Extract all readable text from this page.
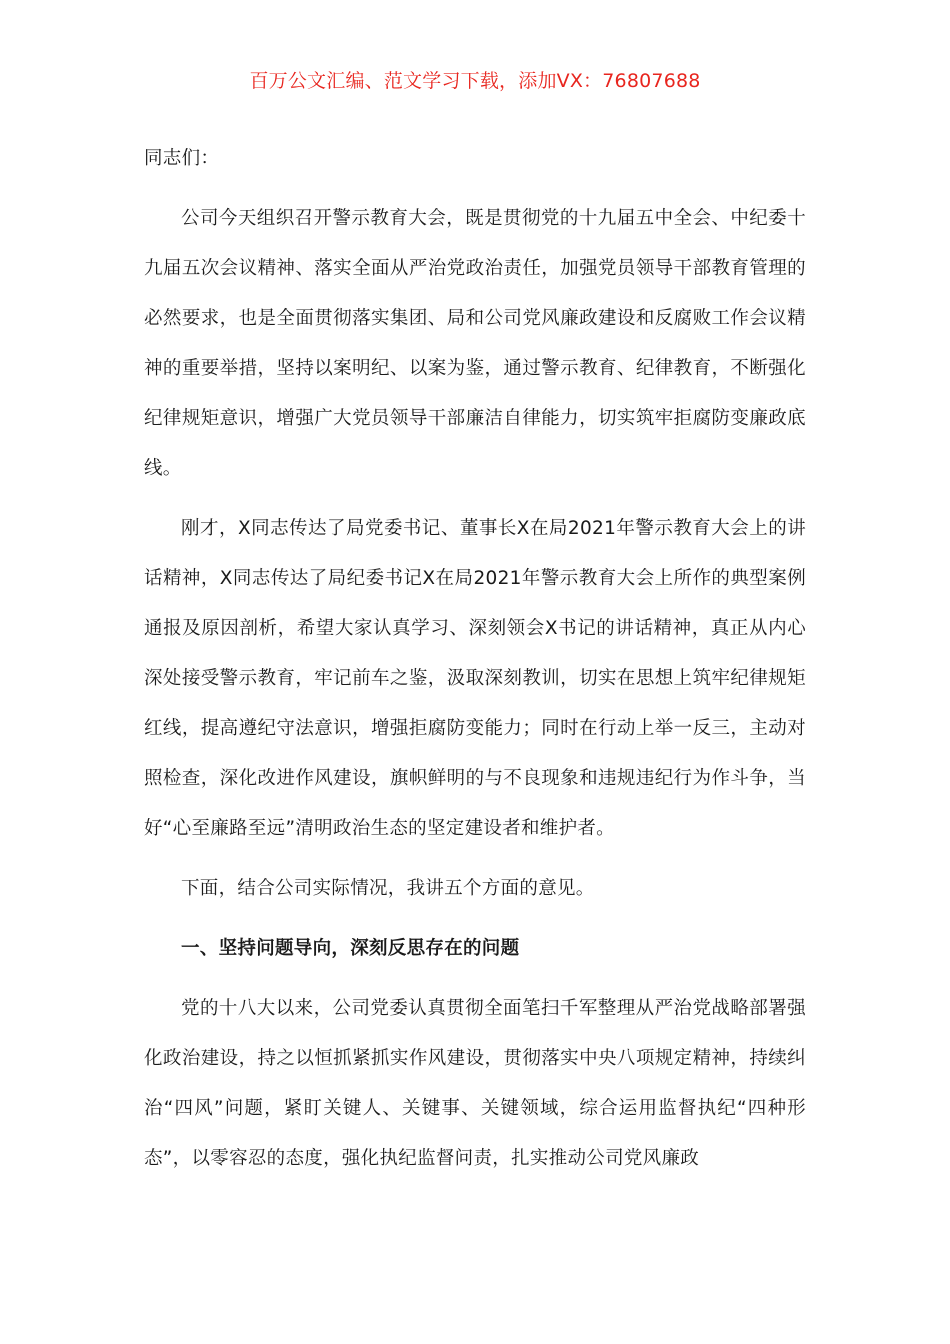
百万公文汇编、范文学习下载，添加VX：76807688

同志们：

公司今天组织召开警示教育大会，既是贯彻党的十九届五中全会、中纪委十九届五次会议精神、落实全面从严治党政治责任，加强党员领导干部教育管理的必然要求，也是全面贯彻落实集团、局和公司党风廉政建设和反腐败工作会议精神的重要举措，坚持以案明纪、以案为鉴，通过警示教育、纪律教育，不断强化纪律规矩意识，增强广大党员领导干部廉洁自律能力，切实筑牢拒腐防变廉政底线。

刚才，X同志传达了局党委书记、董事长X在局2021年警示教育大会上的讲话精神，X同志传达了局纪委书记X在局2021年警示教育大会上所作的典型案例通报及原因剖析，希望大家认真学习、深刻领会X书记的讲话精神，真正从内心深处接受警示教育，牢记前车之鉴，汲取深刻教训，切实在思想上筑牢纪律规矩红线，提高遵纪守法意识，增强拒腐防变能力；同时在行动上举一反三，主动对照检查，深化改进作风建设，旗帜鲜明的与不良现象和违规违纪行为作斗争，当好“心至廉路至远”清明政治生态的坚定建设者和维护者。

下面，结合公司实际情况，我讲五个方面的意见。

一、坚持问题导向，深刻反思存在的问题

党的十八大以来，公司党委认真贯彻全面笔扫千军整理从严治党战略部署强化政治建设，持之以恒抓紧抓实作风建设，贯彻落实中央八项规定精神，持续纠治“四风”问题，紧盯关键人、关键事、关键领域，综合运用监督执纪“四种形态”，以零容忍的态度，强化执纪监督问责，扎实推动公司党风廉政
